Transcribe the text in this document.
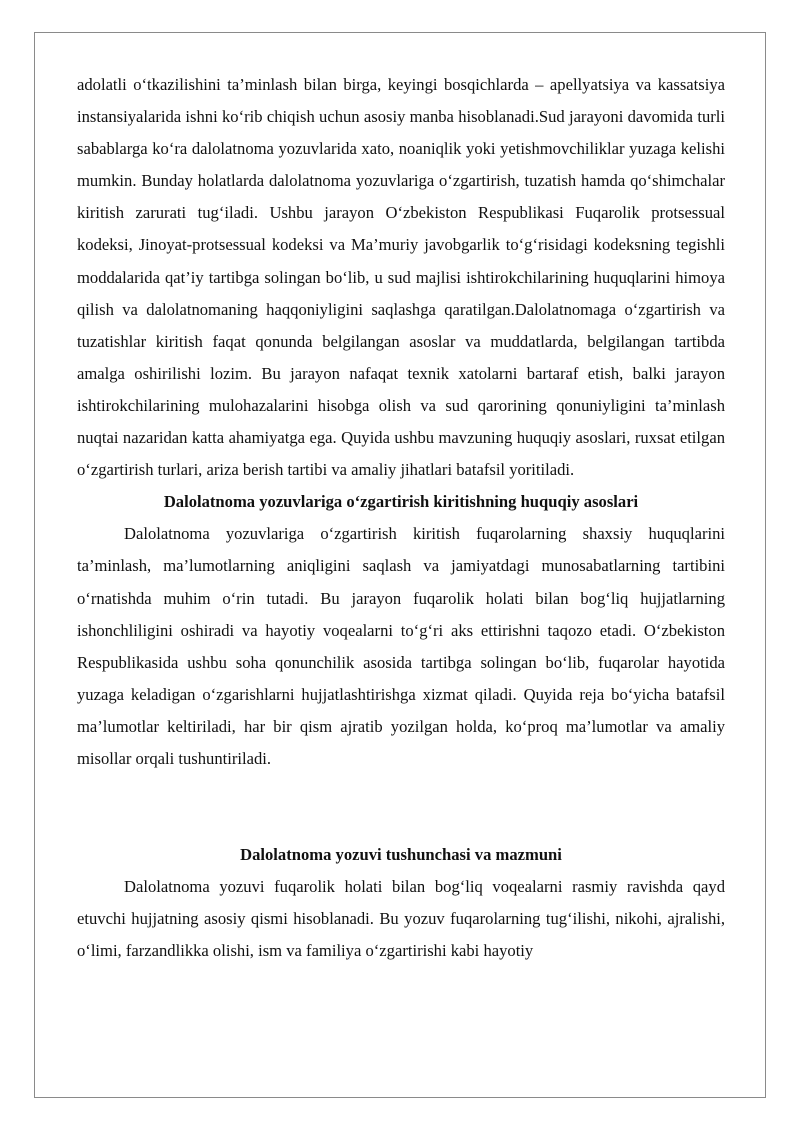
adolatli o‘tkazilishini ta’minlash bilan birga, keyingi bosqichlarda – apellyatsiya va kassatsiya instansiyalarida ishni ko‘rib chiqish uchun asosiy manba hisoblanadi.Sud jarayoni davomida turli sabablarga ko‘ra dalolatnoma yozuvlarida xato, noaniqlik yoki yetishmovchiliklar yuzaga kelishi mumkin. Bunday holatlarda dalolatnoma yozuvlariga o‘zgartirish, tuzatish hamda qo‘shimchalar kiritish zarurati tug‘iladi. Ushbu jarayon O‘zbekiston Respublikasi Fuqarolik protsessual kodeksi, Jinoyat-protsessual kodeksi va Ma’muriy javobgarlik to‘g‘risidagi kodeksning tegishli moddalarida qat’iy tartibga solingan bo‘lib, u sud majlisi ishtirokchilarining huquqlarini himoya qilish va dalolatnomaning haqqoniyligini saqlashga qaratilgan.Dalolatnomaga o‘zgartirish va tuzatishlar kiritish faqat qonunda belgilangan asoslar va muddatlarda, belgilangan tartibda amalga oshirilishi lozim. Bu jarayon nafaqat texnik xatolarni bartaraf etish, balki jarayon ishtirokchilarining mulohazalarini hisobga olish va sud qarorining qonuniyligini ta’minlash nuqtai nazaridan katta ahamiyatga ega. Quyida ushbu mavzuning huquqiy asoslari, ruxsat etilgan o‘zgartirish turlari, ariza berish tartibi va amaliy jihatlari batafsil yoritiladi.

Dalolatnoma yozuvlariga o‘zgartirish kiritishning huquqiy asoslari

Dalolatnoma yozuvlariga o‘zgartirish kiritish fuqarolarning shaxsiy huquqlarini ta’minlash, ma’lumotlarning aniqligini saqlash va jamiyatdagi munosabatlarning tartibini o‘rnatishda muhim o‘rin tutadi. Bu jarayon fuqarolik holati bilan bog‘liq hujjatlarning ishonchliligini oshiradi va hayotiy voqealarni to‘g‘ri aks ettirishni taqozo etadi. O‘zbekiston Respublikasida ushbu soha qonunchilik asosida tartibga solingan bo‘lib, fuqarolar hayotida yuzaga keladigan o‘zgarishlarni hujjatlashtirishga xizmat qiladi. Quyida reja bo‘yicha batafsil ma’lumotlar keltiriladi, har bir qism ajratib yozilgan holda, ko‘proq ma’lumotlar va amaliy misollar orqali tushuntiriladi.

Dalolatnoma yozuvi tushunchasi va mazmuni

Dalolatnoma yozuvi fuqarolik holati bilan bog‘liq voqealarni rasmiy ravishda qayd etuvchi hujjatning asosiy qismi hisoblanadi. Bu yozuv fuqarolarning tug‘ilishi, nikohi, ajralishi, o‘limi, farzandlikka olishi, ism va familiya o‘zgartirishi kabi hayotiy
